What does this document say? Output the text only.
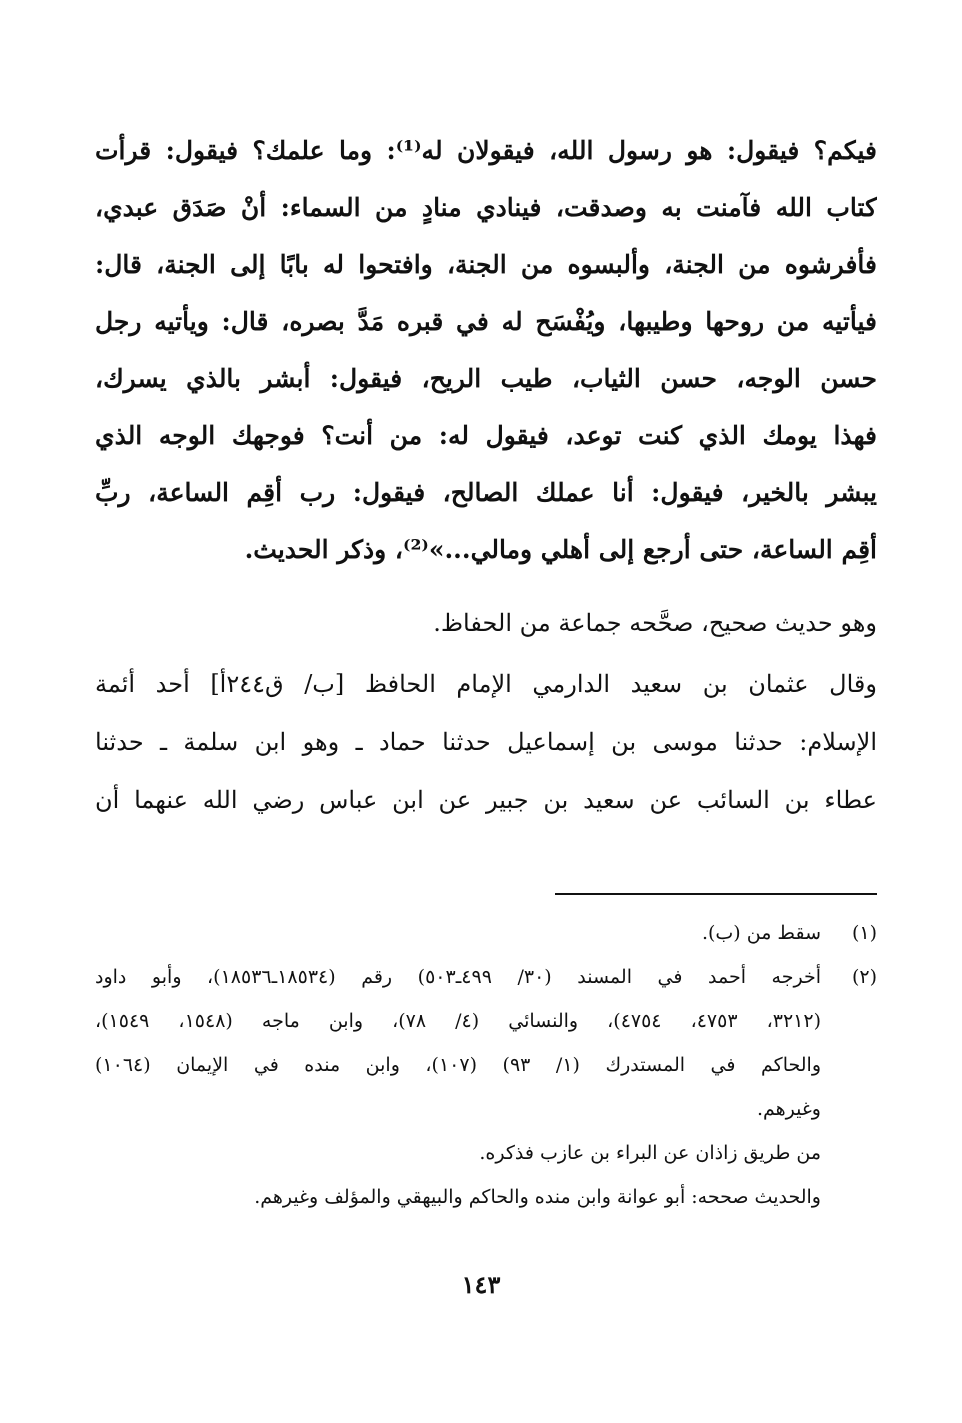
فيكم؟ فيقول: هو رسول الله، فيقولان له⁽¹⁾: وما علمك؟ فيقول: قرأت
كتاب الله فآمنت به وصدقت، فينادي منادٍ من السماء: أنْ صَدَق عبدي،
فأفرشوه من الجنة، وألبسوه من الجنة، وافتحوا له بابًا إلى الجنة، قال:
فيأتيه من روحها وطيبها، ويُفْسَح له في قبره مَدَّ بصره، قال: ويأتيه رجل
حسن الوجه، حسن الثياب، طيب الريح، فيقول: أبشر بالذي يسرك،
فهذا يومك الذي كنت توعد، فيقول له: من أنت؟ فوجهك الوجه الذي
يبشر بالخير، فيقول: أنا عملك الصالح، فيقول: رب أقِم الساعة، ربِّ
أقِم الساعة، حتى أرجع إلى أهلي ومالي...»⁽²⁾، وذكر الحديث.
وهو حديث صحيح، صحَّحه جماعة من الحفاظ.
وقال عثمان بن سعيد الدارمي الإمام الحافظ [ب/ ق٢٤٤أ] أحد أئمة
الإسلام: حدثنا موسى بن إسماعيل حدثنا حماد ـ وهو ابن سلمة ـ حدثنا
عطاء بن السائب عن سعيد بن جبير عن ابن عباس رضي الله عنهما أن
(١)
سقط من (ب).
(٢)
أخرجه أحمد في المسند (٣٠/ ٤٩٩ـ٥٠٣) رقم (١٨٥٣٤ـ١٨٥٣٦)، وأبو داود
(٣٢١٢، ٤٧٥٣، ٤٧٥٤)، والنسائي (٤/ ٧٨)، وابن ماجه (١٥٤٨، ١٥٤٩)،
والحاكم في المستدرك (١/ ٩٣) (١٠٧)، وابن منده في الإيمان (١٠٦٤)
وغيرهم.
من طريق زاذان عن البراء بن عازب فذكره.
والحديث صححه: أبو عوانة وابن منده والحاكم والبيهقي والمؤلف وغيرهم.
١٤٣
